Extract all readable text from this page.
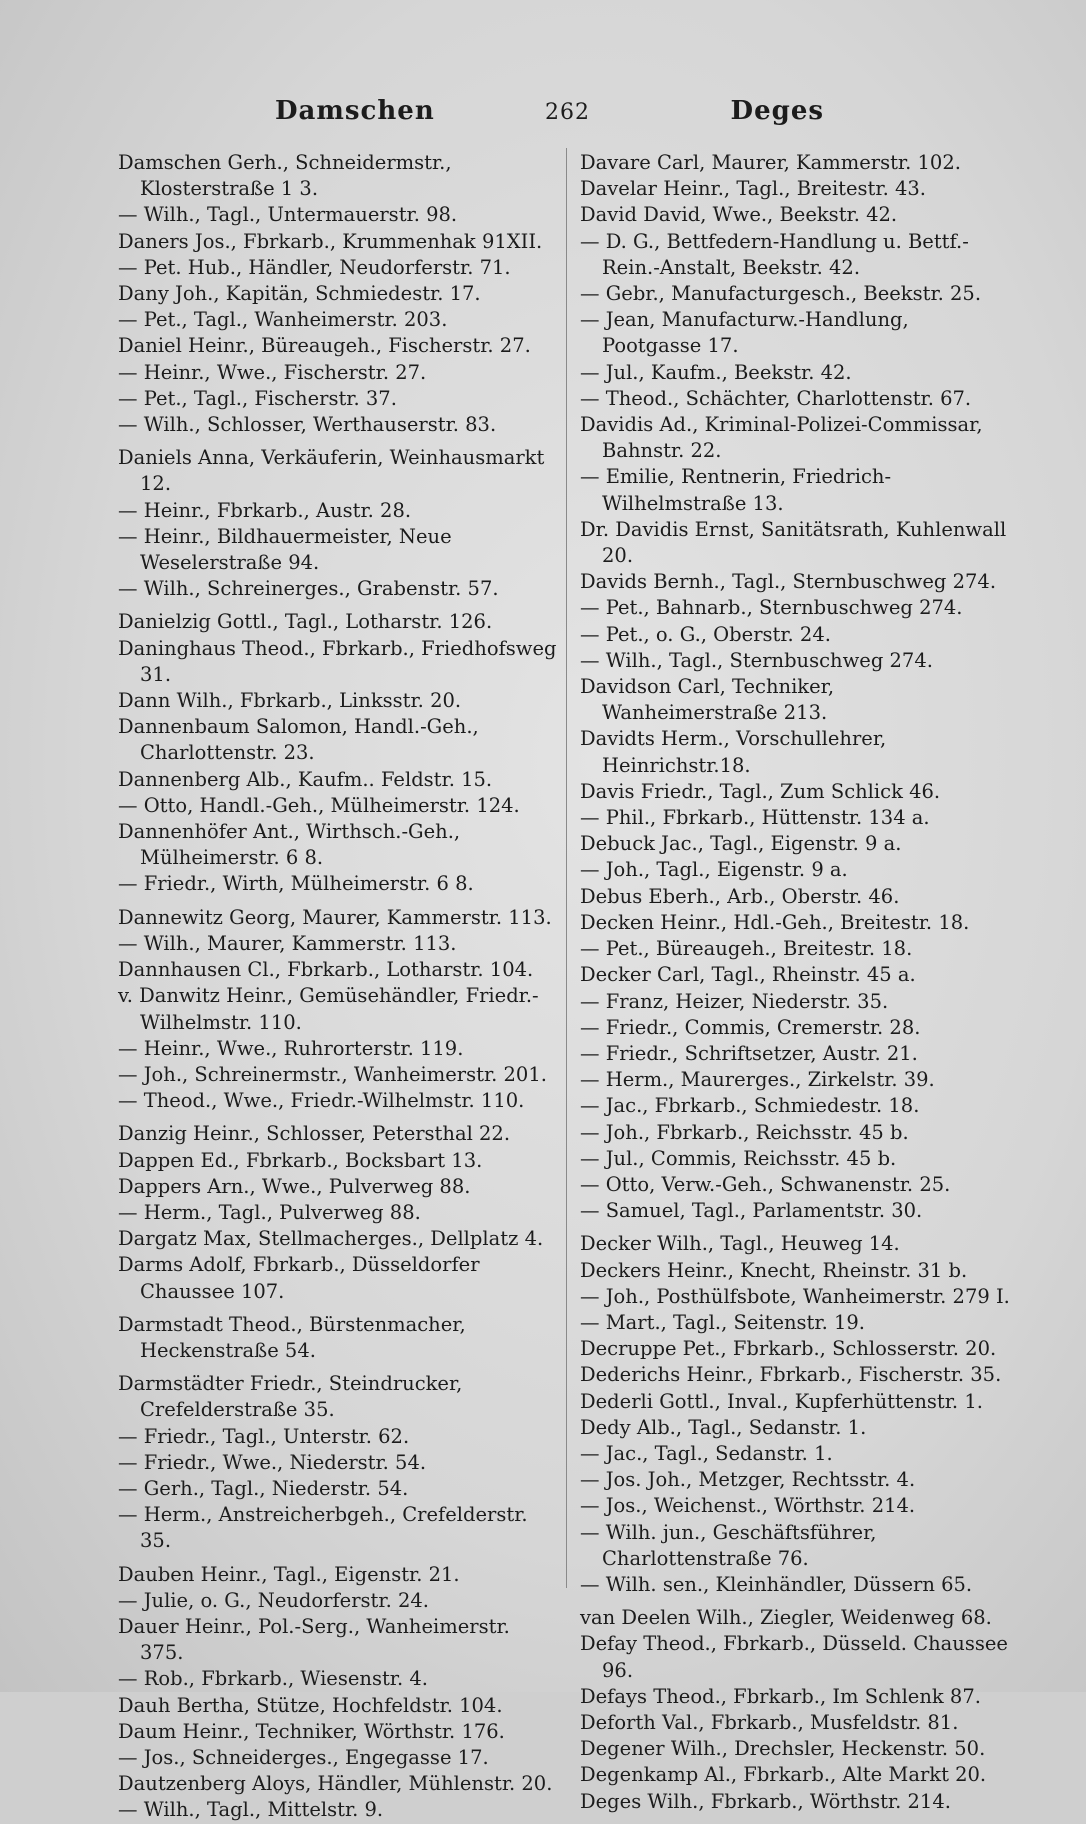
Damschen	262	Deges

Damschen Gerh., Schneidermstr., Klosterstraße 1 3.

— Wilh., Tagl., Untermauerstr. 98.

Daners Jos., Fbrkarb., Krummenhak 91XII.

— Pet. Hub., Händler, Neudorferstr. 71.

Dany Joh., Kapitän, Schmiedestr. 17.

— Pet., Tagl., Wanheimerstr. 203.

Daniel Heinr., Büreaugeh., Fischerstr. 27.

— Heinr., Wwe., Fischerstr. 27.

— Pet., Tagl., Fischerstr. 37.

— Wilh., Schlosser, Werthauserstr. 83.

Daniels Anna, Verkäuferin, Weinhausmarkt 12.

— Heinr., Fbrkarb., Austr. 28.

— Heinr., Bildhauermeister, Neue Weselerstraße 94.

— Wilh., Schreinerges., Grabenstr. 57.

Danielzig Gottl., Tagl., Lotharstr. 126.

Daninghaus Theod., Fbrkarb., Friedhofsweg 31.

Dann Wilh., Fbrkarb., Linksstr. 20.

Dannenbaum Salomon, Handl.-Geh., Charlottenstr. 23.

Dannenberg Alb., Kaufm.. Feldstr. 15.

— Otto, Handl.-Geh., Mülheimerstr. 124.

Dannenhöfer Ant., Wirthsch.-Geh., Mülheimerstr. 6 8.

— Friedr., Wirth, Mülheimerstr. 6 8.

Dannewitz Georg, Maurer, Kammerstr. 113.

— Wilh., Maurer, Kammerstr. 113.

Dannhausen Cl., Fbrkarb., Lotharstr. 104.

v. Danwitz Heinr., Gemüsehändler, Friedr.-Wilhelmstr. 110.

— Heinr., Wwe., Ruhrorterstr. 119.

— Joh., Schreinermstr., Wanheimerstr. 201.

— Theod., Wwe., Friedr.-Wilhelmstr. 110.

Danzig Heinr., Schlosser, Petersthal 22.

Dappen Ed., Fbrkarb., Bocksbart 13.

Dappers Arn., Wwe., Pulverweg 88.

— Herm., Tagl., Pulverweg 88.

Dargatz Max, Stellmacherges., Dellplatz 4.

Darms Adolf, Fbrkarb., Düsseldorfer Chaussee 107.

Darmstadt Theod., Bürstenmacher, Heckenstraße 54.

Darmstädter Friedr., Steindrucker, Crefelderstraße 35.

— Friedr., Tagl., Unterstr. 62.

— Friedr., Wwe., Niederstr. 54.

— Gerh., Tagl., Niederstr. 54.

— Herm., Anstreicherbgeh., Crefelderstr. 35.

Dauben Heinr., Tagl., Eigenstr. 21.

— Julie, o. G., Neudorferstr. 24.

Dauer Heinr., Pol.-Serg., Wanheimerstr. 375.

— Rob., Fbrkarb., Wiesenstr. 4.

Dauh Bertha, Stütze, Hochfeldstr. 104.

Daum Heinr., Techniker, Wörthstr. 176.

— Jos., Schneiderges., Engegasse 17.

Dautzenberg Aloys, Händler, Mühlenstr. 20.

— Wilh., Tagl., Mittelstr. 9.

Davare Carl, Maurer, Kammerstr. 102.

Davelar Heinr., Tagl., Breitestr. 43.

David David, Wwe., Beekstr. 42.

— D. G., Bettfedern-Handlung u. Bettf.-Rein.-Anstalt, Beekstr. 42.

— Gebr., Manufacturgesch., Beekstr. 25.

— Jean, Manufacturw.-Handlung, Pootgasse 17.

— Jul., Kaufm., Beekstr. 42.

— Theod., Schächter, Charlottenstr. 67.

Davidis Ad., Kriminal-Polizei-Commissar, Bahnstr. 22.

— Emilie, Rentnerin, Friedrich-Wilhelmstraße 13.

Dr. Davidis Ernst, Sanitätsrath, Kuhlenwall 20.

Davids Bernh., Tagl., Sternbuschweg 274.

— Pet., Bahnarb., Sternbuschweg 274.

— Pet., o. G., Oberstr. 24.

— Wilh., Tagl., Sternbuschweg 274.

Davidson Carl, Techniker, Wanheimerstraße 213.

Davidts Herm., Vorschullehrer, Heinrichstr.18.

Davis Friedr., Tagl., Zum Schlick 46.

— Phil., Fbrkarb., Hüttenstr. 134 a.

Debuck Jac., Tagl., Eigenstr. 9 a.

— Joh., Tagl., Eigenstr. 9 a.

Debus Eberh., Arb., Oberstr. 46.

Decken Heinr., Hdl.-Geh., Breitestr. 18.

— Pet., Büreaugeh., Breitestr. 18.

Decker Carl, Tagl., Rheinstr. 45 a.

— Franz, Heizer, Niederstr. 35.

— Friedr., Commis, Cremerstr. 28.

— Friedr., Schriftsetzer, Austr. 21.

— Herm., Maurerges., Zirkelstr. 39.

— Jac., Fbrkarb., Schmiedestr. 18.

— Joh., Fbrkarb., Reichsstr. 45 b.

— Jul., Commis, Reichsstr. 45 b.

— Otto, Verw.-Geh., Schwanenstr. 25.

— Samuel, Tagl., Parlamentstr. 30.

Decker Wilh., Tagl., Heuweg 14.

Deckers Heinr., Knecht, Rheinstr. 31 b.

— Joh., Posthülfsbote, Wanheimerstr. 279 I.

— Mart., Tagl., Seitenstr. 19.

Decruppe Pet., Fbrkarb., Schlosserstr. 20.

Dederichs Heinr., Fbrkarb., Fischerstr. 35.

Dederli Gottl., Inval., Kupferhüttenstr. 1.

Dedy Alb., Tagl., Sedanstr. 1.

— Jac., Tagl., Sedanstr. 1.

— Jos. Joh., Metzger, Rechtsstr. 4.

— Jos., Weichenst., Wörthstr. 214.

— Wilh. jun., Geschäftsführer, Charlottenstraße 76.

— Wilh. sen., Kleinhändler, Düssern 65.

van Deelen Wilh., Ziegler, Weidenweg 68.

Defay Theod., Fbrkarb., Düsseld. Chaussee 96.

Defays Theod., Fbrkarb., Im Schlenk 87.

Deforth Val., Fbrkarb., Musfeldstr. 81.

Degener Wilh., Drechsler, Heckenstr. 50.

Degenkamp Al., Fbrkarb., Alte Markt 20.

Deges Wilh., Fbrkarb., Wörthstr. 214.
